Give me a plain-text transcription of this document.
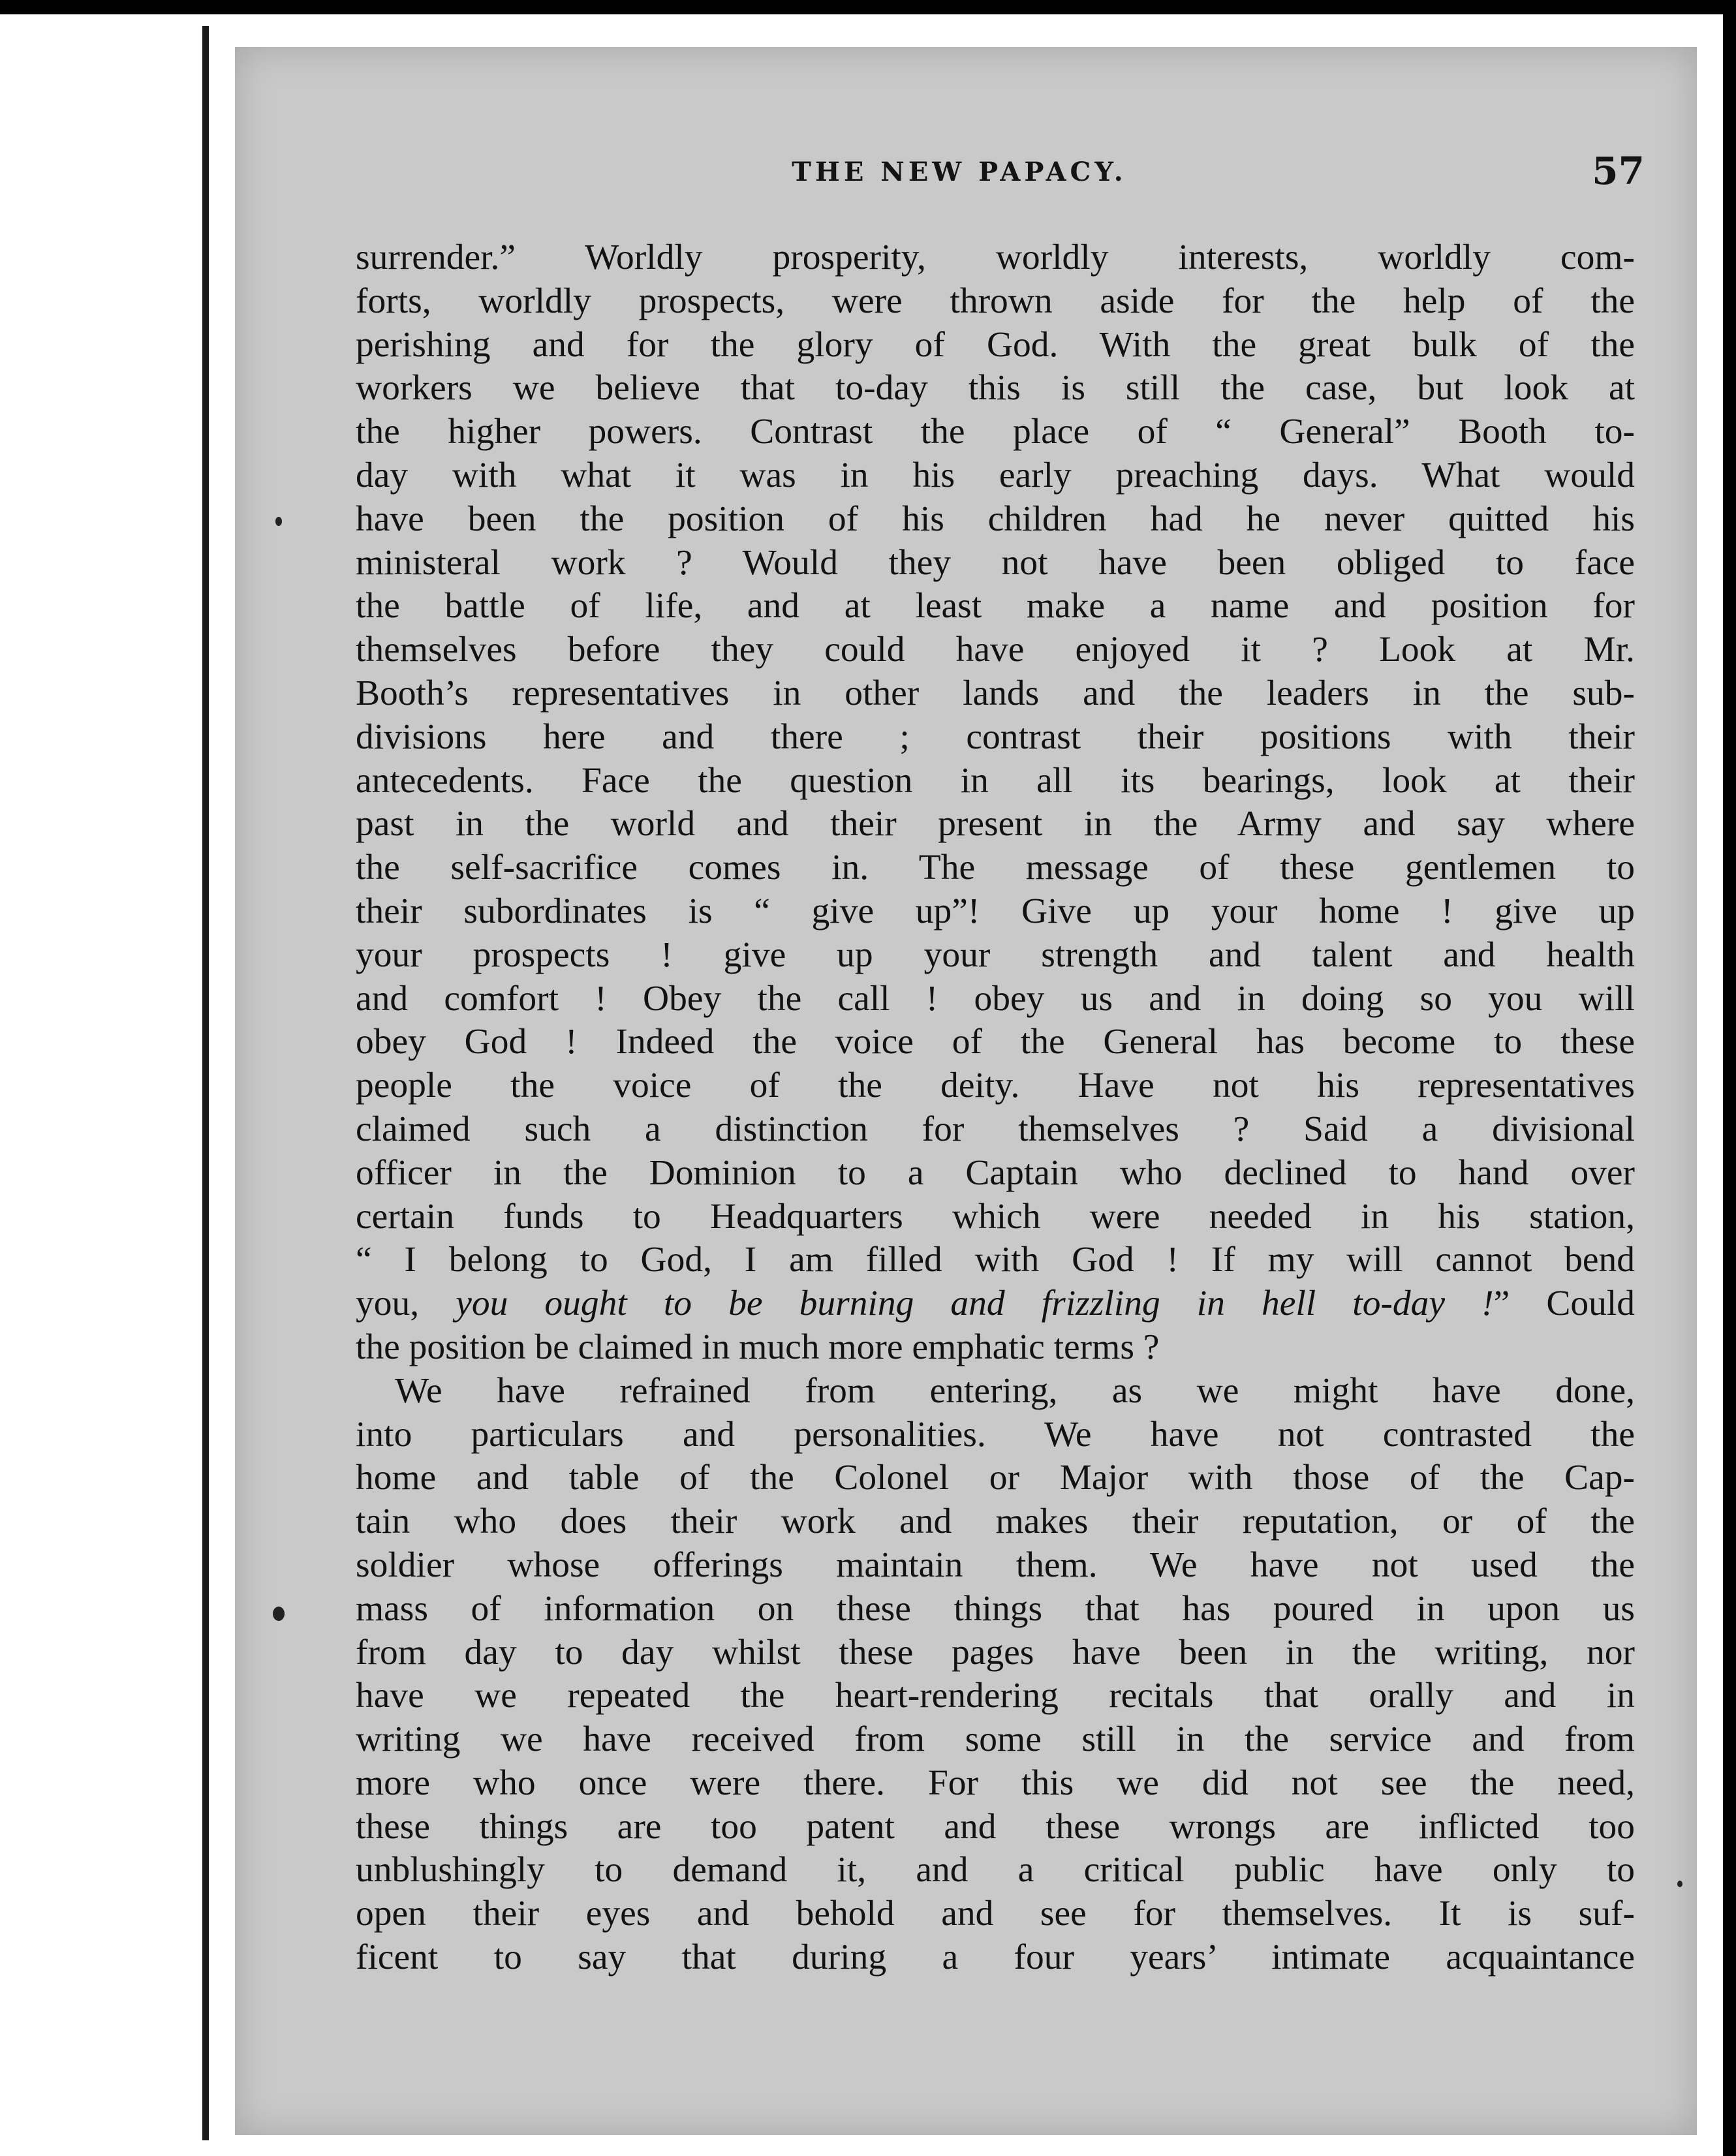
THE NEW PAPACY.	57
surrender.” Worldly prosperity, worldly interests, worldly com-
forts, worldly prospects, were thrown aside for the help of the
perishing and for the glory of God. With the great bulk of the
workers we believe that to-day this is still the case, but look at
the higher powers. Contrast the place of “ General” Booth to-
day with what it was in his early preaching days. What would
have been the position of his children had he never quitted his
ministeral work ? Would they not have been obliged to face
the battle of life, and at least make a name and position for
themselves before they could have enjoyed it ? Look at Mr.
Booth’s representatives in other lands and the leaders in the sub-
divisions here and there ; contrast their positions with their
antecedents. Face the question in all its bearings, look at their
past in the world and their present in the Army and say where
the self-sacrifice comes in. The message of these gentlemen to
their subordinates is “ give up”! Give up your home ! give up
your prospects ! give up your strength and talent and health
and comfort ! Obey the call ! obey us and in doing so you will
obey God ! Indeed the voice of the General has become to these
people the voice of the deity. Have not his representatives
claimed such a distinction for themselves ? Said a divisional
officer in the Dominion to a Captain who declined to hand over
certain funds to Headquarters which were needed in his station,
“ I belong to God, I am filled with God ! If my will cannot bend
you, you ought to be burning and frizzling in hell to-day !” Could
the position be claimed in much more emphatic terms ?
We have refrained from entering, as we might have done,
into particulars and personalities. We have not contrasted the
home and table of the Colonel or Major with those of the Cap-
tain who does their work and makes their reputation, or of the
soldier whose offerings maintain them. We have not used the
mass of information on these things that has poured in upon us
from day to day whilst these pages have been in the writing, nor
have we repeated the heart-rendering recitals that orally and in
writing we have received from some still in the service and from
more who once were there. For this we did not see the need,
these things are too patent and these wrongs are inflicted too
unblushingly to demand it, and a critical public have only to
open their eyes and behold and see for themselves. It is suf-
ficent to say that during a four years’ intimate acquaintance
